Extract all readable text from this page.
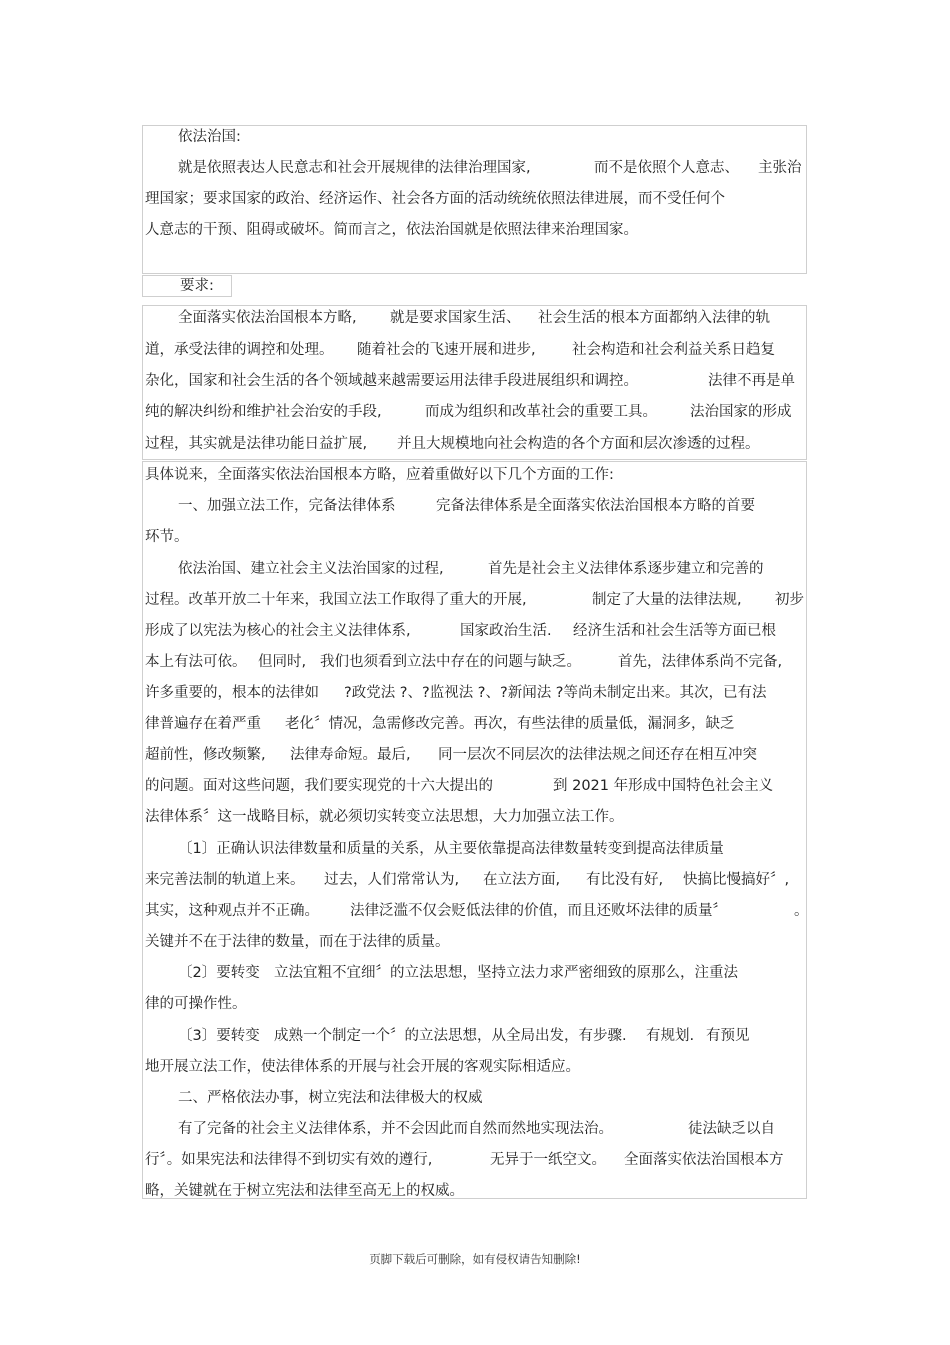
依法治国:
就是依照表达人民意志和社会开展规律的法律治理国家,	而不是依照个人意志、 主张治
理国家；要求国家的政治、经济运作、社会各方面的活动统统依照法律进展，而不受任何个
人意志的干预、阻碍或破坏。简而言之，依法治国就是依照法律来治理国家。
要求:
全面落实依法治国根本方略, 就是要求国家生活、 社会生活的根本方面都纳入法律的轨
道，承受法律的调控和处理。 随着社会的飞速开展和进步,	社会构造和社会利益关系日趋复
杂化，国家和社会生活的各个领域越来越需要运用法律手段进展组织和调控。	法律不再是单
纯的解决纠纷和维护社会治安的手段,	而成为组织和改革社会的重要工具。 法治国家的形成
过程，其实就是法律功能日益扩展, 并且大规模地向社会构造的各个方面和层次渗透的过程。
具体说来，全面落实依法治国根本方略，应着重做好以下几个方面的工作:
一、加强立法工作，完备法律体系	完备法律体系是全面落实依法治国根本方略的首要
环节。
依法治国、建立社会主义法治国家的过程,	首先是社会主义法律体系逐步建立和完善的
过程。改革开放二十年来，我国立法工作取得了重大的开展,	制定了大量的法律法规, 初步
形成了以宪法为核心的社会主义法律体系,	国家政治生活. 经济生活和社会生活等方面已根
本上有法可依。 但同时, 我们也须看到立法中存在的问题与缺乏。	首先，法律体系尚不完备,
许多重要的，根本的法律如 ?政党法 ?、?监视法 ?、?新闻法 ?等尚未制定出来。其次，已有法
律普遍存在着严重 老化〞情况，急需修改完善。再次，有些法律的质量低，漏洞多，缺乏
超前性，修改频繁, 法律寿命短。最后, 同一层次不同层次的法律法规之间还存在相互冲突
的问题。面对这些问题，我们要实现党的十六大提出的	到 2021 年形成中国特色社会主义
法律体系〞这一战略目标，就必须切实转变立法思想，大力加强立法工作。
〔1〕正确认识法律数量和质量的关系，从主要依靠提高法律数量转变到提高法律质量
来完善法制的轨道上来。 过去，人们常常认为, 在立法方面, 有比没有好, 快搞比慢搞好〞,
其实，这种观点并不正确。 法律泛滥不仅会贬低法律的价值，而且还败坏法律的质量〞	。
关键并不在于法律的数量，而在于法律的质量。
〔2〕要转变 立法宜粗不宜细〞的立法思想，坚持立法力求严密细致的原那么，注重法
律的可操作性。
〔3〕要转变 成熟一个制定一个〞的立法思想，从全局出发，有步骤. 有规划. 有预见
地开展立法工作，使法律体系的开展与社会开展的客观实际相适应。
二、严格依法办事，树立宪法和法律极大的权威
有了完备的社会主义法律体系，并不会因此而自然而然地实现法治。	徒法缺乏以自
行〞。如果宪法和法律得不到切实有效的遵行,	无异于一纸空文。 全面落实依法治国根本方
略，关键就在于树立宪法和法律至高无上的权威。
页脚下载后可删除，如有侵权请告知删除!
